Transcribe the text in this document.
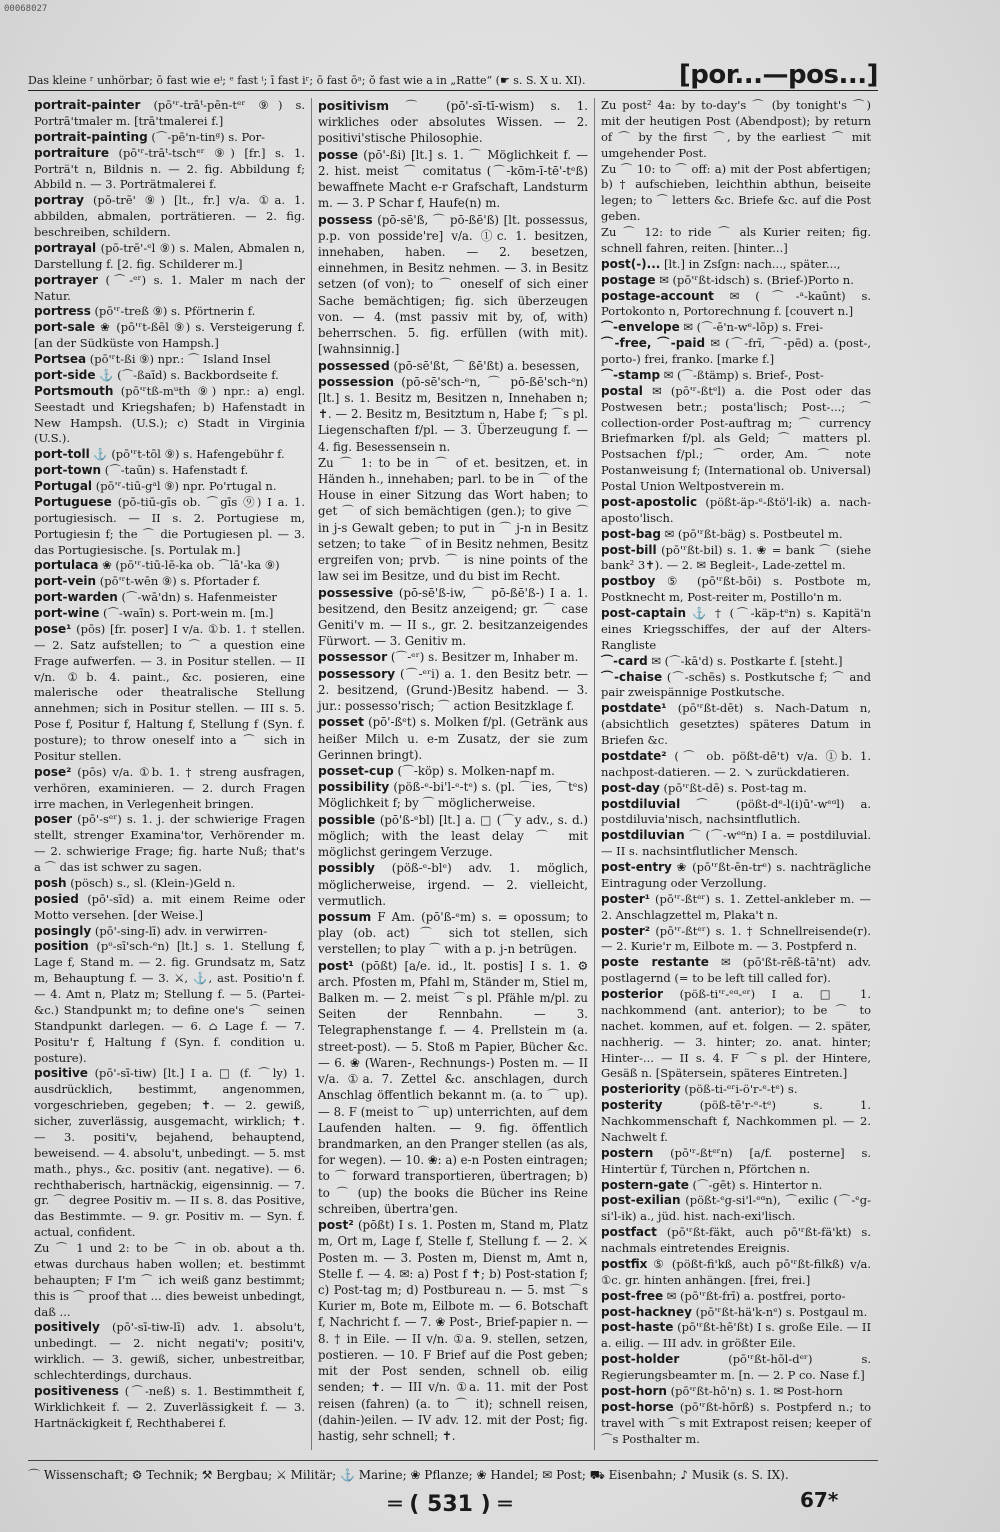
00068027
Das kleine ʳ unhörbar; ō fast wie eⁱ; ᵉ fast ⁱ; ī fast iʳ; ō fast ōᵃ; ŏ fast wie a in „Ratte“ (☛ s. S. X u. XI).	[por...—pos...]

portrait-painter (pō'ʳ-trāᵗ-pēn-tᵉʳ ⑨) s. Portrā'tmaler m. [trā'tmalerei f.]

portrait-painting (⌒-pē'n-tinᵍ) s. Por-

portraiture (pō'ʳ-trāᵗ-tschᵉʳ ⑨) [fr.] s. 1. Porträ't n, Bildnis n. — 2. fig. Abbildung f; Abbild n. — 3. Porträtmalerei f.

portray (pō-trē' ⑨) [lt., fr.] v/a. ①a. 1. abbilden, abmalen, porträtieren. — 2. fig. beschreiben, schildern.

portrayal (pō-trē'-ᵉl ⑨) s. Malen, Abmalen n, Darstellung f. [2. fig. Schilderer m.]

portrayer (⌒-ᵉʳ) s. 1. Maler m nach der Natur.

portress (pō'ʳ-treß ⑨) s. Pförtnerin f.

port-sale ❀ (pō'ʳt-ßēl ⑨) s. Versteigerung f. [an der Südküste von Hampsh.]

Portsea (pō'ʳt-ßi ⑨) npr.: ⌒ Island Insel

port-side ⚓ (⌒-ßaīd) s. Backbordseite f.

Portsmouth (pō'ʳtß-mᵘth ⑨) npr.: a) engl. Seestadt und Kriegshafen; b) Hafenstadt in New Hampsh. (U.S.); c) Stadt in Virginia (U.S.).

port-toll ⚓ (pō'ʳt-tōl ⑨) s. Hafengebühr f.

port-town (⌒-taūn) s. Hafenstadt f.

Portugal (pō'ʳ-tiū-gᵃl ⑨) npr. Po'rtugal n.

Portuguese (pō-tiū-gīs ob. ⌒gīs ⑨) I a. 1. portugiesisch. — II s. 2. Portugiese m, Portugiesin f; the ⌒ die Portugiesen pl. — 3. das Portugiesische. [s. Portulak m.]

portulaca ❀ (pō'ʳ-tiū-lē-ka ob. ⌒lā'-ka ⑨)

port-vein (pō'ʳt-wēn ⑨) s. Pfortader f.

port-warden (⌒-wā'dn) s. Hafenmeister

port-wine (⌒-waīn) s. Port-wein m. [m.]

pose¹ (pōs) [fr. poser] I v/a. ①b. 1. † stellen. — 2. Satz aufstellen; to ⌒ a question eine Frage aufwerfen. — 3. in Positur stellen. — II v/n. ①b. 4. paint., &c. posieren, eine malerische oder theatralische Stellung annehmen; sich in Positur stellen. — III s. 5. Pose f, Positur f, Haltung f, Stellung f (Syn. f. posture); to throw oneself into a ⌒ sich in Positur stellen.

pose² (pōs) v/a. ①b. 1. † streng ausfragen, verhören, examinieren. — 2. durch Fragen irre machen, in Verlegenheit bringen.

poser (pō'-sᵉʳ) s. 1. j. der schwierige Fragen stellt, strenger Examina'tor, Verhörender m. — 2. schwierige Frage; fig. harte Nuß; that's a ⌒ das ist schwer zu sagen.

posh (pösch) s., sl. (Klein-)Geld n.

posied (pō'-sīd) a. mit einem Reime oder Motto versehen. [der Weise.]

posingly (pō'-sing-lī) adv. in verwirren-

position (pᵒ-sī'sch-ᵉn) [lt.] s. 1. Stellung f, Lage f, Stand m. — 2. fig. Grundsatz m, Satz m, Behauptung f. — 3. ⚔, ⚓, ast. Positio'n f. — 4. Amt n, Platz m; Stellung f. — 5. (Partei- &c.) Standpunkt m; to define one's ⌒ seinen Standpunkt darlegen. — 6. ⌂ Lage f. — 7. Positu'r f, Haltung f (Syn. f. condition u. posture).

positive (pō'-sī-tiw) [lt.] I a. □ (f. ⌒ly) 1. ausdrücklich, bestimmt, angenommen, vorgeschrieben, gegeben; ✝. — 2. gewiß, sicher, zuverlässig, ausgemacht, wirklich; ✝. — 3. positi'v, bejahend, behauptend, beweisend. — 4. absolu't, unbedingt. — 5. mst math., phys., &c. positiv (ant. negative). — 6. rechthaberisch, hartnäckig, eigensinnig. — 7. gr. ⌒ degree Positiv m. — II s. 8. das Positive, das Bestimmte. — 9. gr. Positiv m. — Syn. f. actual, confident.

Zu ⌒ 1 und 2: to be ⌒ in ob. about a th. etwas durchaus haben wollen; et. bestimmt behaupten; F I'm ⌒ ich weiß ganz bestimmt; this is ⌒ proof that ... dies beweist unbedingt, daß ...

positively (pō'-sī-tiw-lī) adv. 1. absolu't, unbedingt. — 2. nicht negati'v; positi'v, wirklich. — 3. gewiß, sicher, unbestreitbar, schlechterdings, durchaus.

positiveness (⌒-neß) s. 1. Bestimmtheit f, Wirklichkeit f. — 2. Zuverlässigkeit f. — 3. Hartnäckigkeit f, Rechthaberei f.

positivism ⌒ (pō'-sī-tī-wism) s. 1. wirkliches oder absolutes Wissen. — 2. positivi'stische Philosophie.

posse (pō'-ßi) [lt.] s. 1. ⌒ Möglichkeit f. — 2. hist. meist ⌒ comitatus (⌒-kōm-ī-tē'-tᵉß) bewaffnete Macht e-r Grafschaft, Landsturm m. — 3. P Schar f, Haufe(n) m.

possess (pō-sē'ß, ⌒ pō-ßē'ß) [lt. possessus, p.p. von posside're] v/a. ①c. 1. besitzen, innehaben, haben. — 2. besetzen, einnehmen, in Besitz nehmen. — 3. in Besitz setzen (of von); to ⌒ oneself of sich einer Sache bemächtigen; fig. sich überzeugen von. — 4. (mst passiv mit by, of, with) beherrschen. 5. fig. erfüllen (with mit). [wahnsinnig.]

possessed (pō-sē'ßt, ⌒ ßē'ßt) a. besessen,

possession (pō-sē'sch-ᵉn, ⌒ pō-ßē'sch-ᵉn) [lt.] s. 1. Besitz m, Besitzen n, Innehaben n; ✝. — 2. Besitz m, Besitztum n, Habe f; ⌒s pl. Liegenschaften f/pl. — 3. Überzeugung f. — 4. fig. Besessensein n.

Zu ⌒ 1: to be in ⌒ of et. besitzen, et. in Händen h., innehaben; parl. to be in ⌒ of the House in einer Sitzung das Wort haben; to get ⌒ of sich bemächtigen (gen.); to give ⌒ in j-s Gewalt geben; to put in ⌒ j-n in Besitz setzen; to take ⌒ of in Besitz nehmen, Besitz ergreifen von; prvb. ⌒ is nine points of the law sei im Besitze, und du bist im Recht.

possessive (pō-sē'ß-iw, ⌒ pō-ßē'ß-) I a. 1. besitzend, den Besitz anzeigend; gr. ⌒ case Geniti'v m. — II s., gr. 2. besitzanzeigendes Fürwort. — 3. Genitiv m.

possessor (⌒-ᵉʳ) s. Besitzer m, Inhaber m.

possessory (⌒-ᵉʳi) a. 1. den Besitz betr. — 2. besitzend, (Grund-)Besitz habend. — 3. jur.: possesso'risch; ⌒ action Besitzklage f.

posset (pō'-ßᵉt) s. Molken f/pl. (Getränk aus heißer Milch u. e-m Zusatz, der sie zum Gerinnen bringt).

posset-cup (⌒-köp) s. Molken-napf m.

possibility (pöß-ᵉ-bi'l-ᵉ-tᵉ) s. (pl. ⌒ies, ⌒tᵉs) Möglichkeit f; by ⌒ möglicherweise.

possible (pō'ß-ᵉbl) [lt.] a. □ (⌒y adv., s. d.) möglich; with the least delay ⌒ mit möglichst geringem Verzuge.

possibly (pöß-ᵉ-blᵉ) adv. 1. möglich, möglicherweise, irgend. — 2. vielleicht, vermutlich.

possum F Am. (pō'ß-ᵉm) s. = opossum; to play (ob. act) ⌒ sich tot stellen, sich verstellen; to play ⌒ with a p. j-n betrügen.

post¹ (pōßt) [a/e. id., lt. postis] I s. 1. ⚙ arch. Pfosten m, Pfahl m, Ständer m, Stiel m, Balken m. — 2. meist ⌒s pl. Pfähle m/pl. zu Seiten der Rennbahn. — 3. Telegraphenstange f. — 4. Prellstein m (a. street-post). — 5. Stoß m Papier, Bücher &c. — 6. ❀ (Waren-, Rechnungs-) Posten m. — II v/a. ①a. 7. Zettel &c. anschlagen, durch Anschlag öffentlich bekannt m. (a. to ⌒ up). — 8. F (meist to ⌒ up) unterrichten, auf dem Laufenden halten. — 9. fig. öffentlich brandmarken, an den Pranger stellen (as als, for wegen). — 10. ❀: a) e-n Posten eintragen; to ⌒ forward transportieren, übertragen; b) to ⌒ (up) the books die Bücher ins Reine schreiben, übertra'gen.

post² (pōßt) I s. 1. Posten m, Stand m, Platz m, Ort m, Lage f, Stelle f, Stellung f. — 2. ⚔ Posten m. — 3. Posten m, Dienst m, Amt n, Stelle f. — 4. ✉: a) Post f ✝; b) Post-station f; c) Post-tag m; d) Postbureau n. — 5. mst ⌒s Kurier m, Bote m, Eilbote m. — 6. Botschaft f, Nachricht f. — 7. ❀ Post-, Brief-papier n. — 8. † in Eile. — II v/n. ①a. 9. stellen, setzen, postieren. — 10. F Brief auf die Post geben; mit der Post senden, schnell ob. eilig senden; ✝. — III v/n. ①a. 11. mit der Post reisen (fahren) (a. to ⌒ it); schnell reisen, (dahin-)eilen. — IV adv. 12. mit der Post; fig. hastig, sehr schnell; ✝.

Zu post² 4a: by to-day's ⌒ (by tonight's ⌒) mit der heutigen Post (Abendpost); by return of ⌒ by the first ⌒, by the earliest ⌒ mit umgehender Post.

Zu ⌒ 10: to ⌒ off: a) mit der Post abfertigen; b) † aufschieben, leichthin abthun, beiseite legen; to ⌒ letters &c. Briefe &c. auf die Post geben.

Zu ⌒ 12: to ride ⌒ als Kurier reiten; fig. schnell fahren, reiten. [hinter...]

post(-)... [lt.] in Zsſgn: nach..., später...,

postage ✉ (pō'ʳßt-idsch) s. (Brief-)Porto n.

postage-account ✉ (⌒-ᵃ-kaūnt) s. Portokonto n, Portorechnung f. [couvert n.]

⌒-envelope ✉ (⌒-ē'n-wᵉ-lōp) s. Frei-

⌒-free, ⌒-paid ✉ (⌒-frī, ⌒-pēd) a. (post-, porto-) frei, franko. [marke f.]

⌒-stamp ✉ (⌒-ßtämp) s. Brief-, Post-

postal ✉ (pō'ʳ-ßtᵉl) a. die Post oder das Postwesen betr.; posta'lisch; Post-...; ⌒ collection-order Post-auftrag m; ⌒ currency Briefmarken f/pl. als Geld; ⌒ matters pl. Postsachen f/pl.; ⌒ order, Am. ⌒ note Postanweisung f; (International ob. Universal) Postal Union Weltpostverein m.

post-apostolic (pößt-äp-ᵉ-ßtö'l-ik) a. nach-aposto'lisch.

post-bag ✉ (pō'ʳßt-bäg) s. Postbeutel m.

post-bill (pō'ʳßt-bil) s. 1. ❀ = bank ⌒ (siehe bank² 3✝). — 2. ✉ Begleit-, Lade-zettel m.

postboy ⑤ (pō'ʳßt-bōi) s. Postbote m, Postknecht m, Post-reiter m, Postillo'n m.

post-captain ⚓ † (⌒-käp-tᵉn) s. Kapitä'n eines Kriegsschiffes, der auf der Alters-Rangliste

⌒-card ✉ (⌒-kā'd) s. Postkarte f. [steht.]

⌒-chaise (⌒-schēs) s. Postkutsche f; ⌒ and pair zweispännige Postkutsche.

postdate¹ (pō'ʳßt-dēt) s. Nach-Datum n, (absichtlich gesetztes) späteres Datum in Briefen &c.

postdate² (⌒ ob. pößt-dē't) v/a. ①b. 1. nachpost-datieren. — 2. ↘ zurückdatieren.

post-day (pō'ʳßt-dē) s. Post-tag m.

postdiluvial ⌒ (pößt-dᵉ-l(i)ū'-wᵉᵅl) a. postdiluvia'nisch, nachsintflutlich.

postdiluvian ⌒ (⌒-wᵉᵅn) I a. = postdiluvial. — II s. nachsintflutlicher Mensch.

post-entry ❀ (pō'ʳßt-ēn-trᵉ) s. nachträgliche Eintragung oder Verzollung.

poster¹ (pō'ʳ-ßtᵉʳ) s. 1. Zettel-ankleber m. — 2. Anschlagzettel m, Plaka't n.

poster² (pō'ʳ-ßtᵉʳ) s. 1. † Schnellreisende(r). — 2. Kurie'r m, Eilbote m. — 3. Postpferd n.

poste restante ✉ (pō'ßt-rēß-tā'nt) adv. postlagernd (= to be left till called for).

posterior (pöß-ti'ʳ-ᵉᵅ-ᵉʳ) I a. □ 1. nachkommend (ant. anterior); to be ⌒ to nachet. kommen, auf et. folgen. — 2. später, nachherig. — 3. hinter; zo. anat. hinter; Hinter-... — II s. 4. F ⌒s pl. der Hintere, Gesäß n. [Spätersein, späteres Eintreten.]

posteriority (pöß-ti-ᵉʳi-ö'r-ᵉ-tᵉ) s.

posterity	(pöß-tē'r-ᵉ-tᵉ) s. 1. Nachkommenschaft f, Nachkommen pl. — 2. Nachwelt f.

postern (pō'ʳ-ßtᵉʳn) [a/f. posterne] s. Hintertür f, Türchen n, Pförtchen n.

postern-gate (⌒-gēt) s. Hintertor n.

post-exilian (pößt-ᵉg-si'l-ᵉᵅn), ⌒exilic (⌒-ᵉg-si'l-ik) a., jüd. hist. nach-exi'lisch.

postfact (pō'ʳßt-fäkt, auch pō'ʳßt-fä'kt) s. nachmals eintretendes Ereignis.

postfix ⑤ (pößt-fi'kß, auch pō'ʳßt-filkß) v/a. ①c. gr. hinten anhängen. [frei, frei.]

post-free ✉ (pō'ʳßt-frī) a. postfrei, porto-

post-hackney (pō'ʳßt-hä'k-nᵉ) s. Postgaul m.

post-haste (pō'ʳßt-hē'ßt) I s. große Eile. — II a. eilig. — III adv. in größter Eile.

post-holder	(pō'ʳßt-hōl-dᵉʳ) s. Regierungsbeamter m. [n. — 2. P co. Nase f.]

post-horn (pō'ʳßt-hō'n) s. 1. ✉ Post-horn

post-horse (pō'ʳßt-hōrß) s. Postpferd n.; to travel with ⌒s mit Extrapost reisen; keeper of ⌒s Posthalter m.

⌒ Wissenschaft; ⚙ Technik; ⚒ Bergbau; ⚔ Militär; ⚓ Marine; ❀ Pflanze; ❀ Handel; ✉ Post; ⛟ Eisenbahn; ♪ Musik (s. S. IX).
═ ( 531 ) ═	67*
